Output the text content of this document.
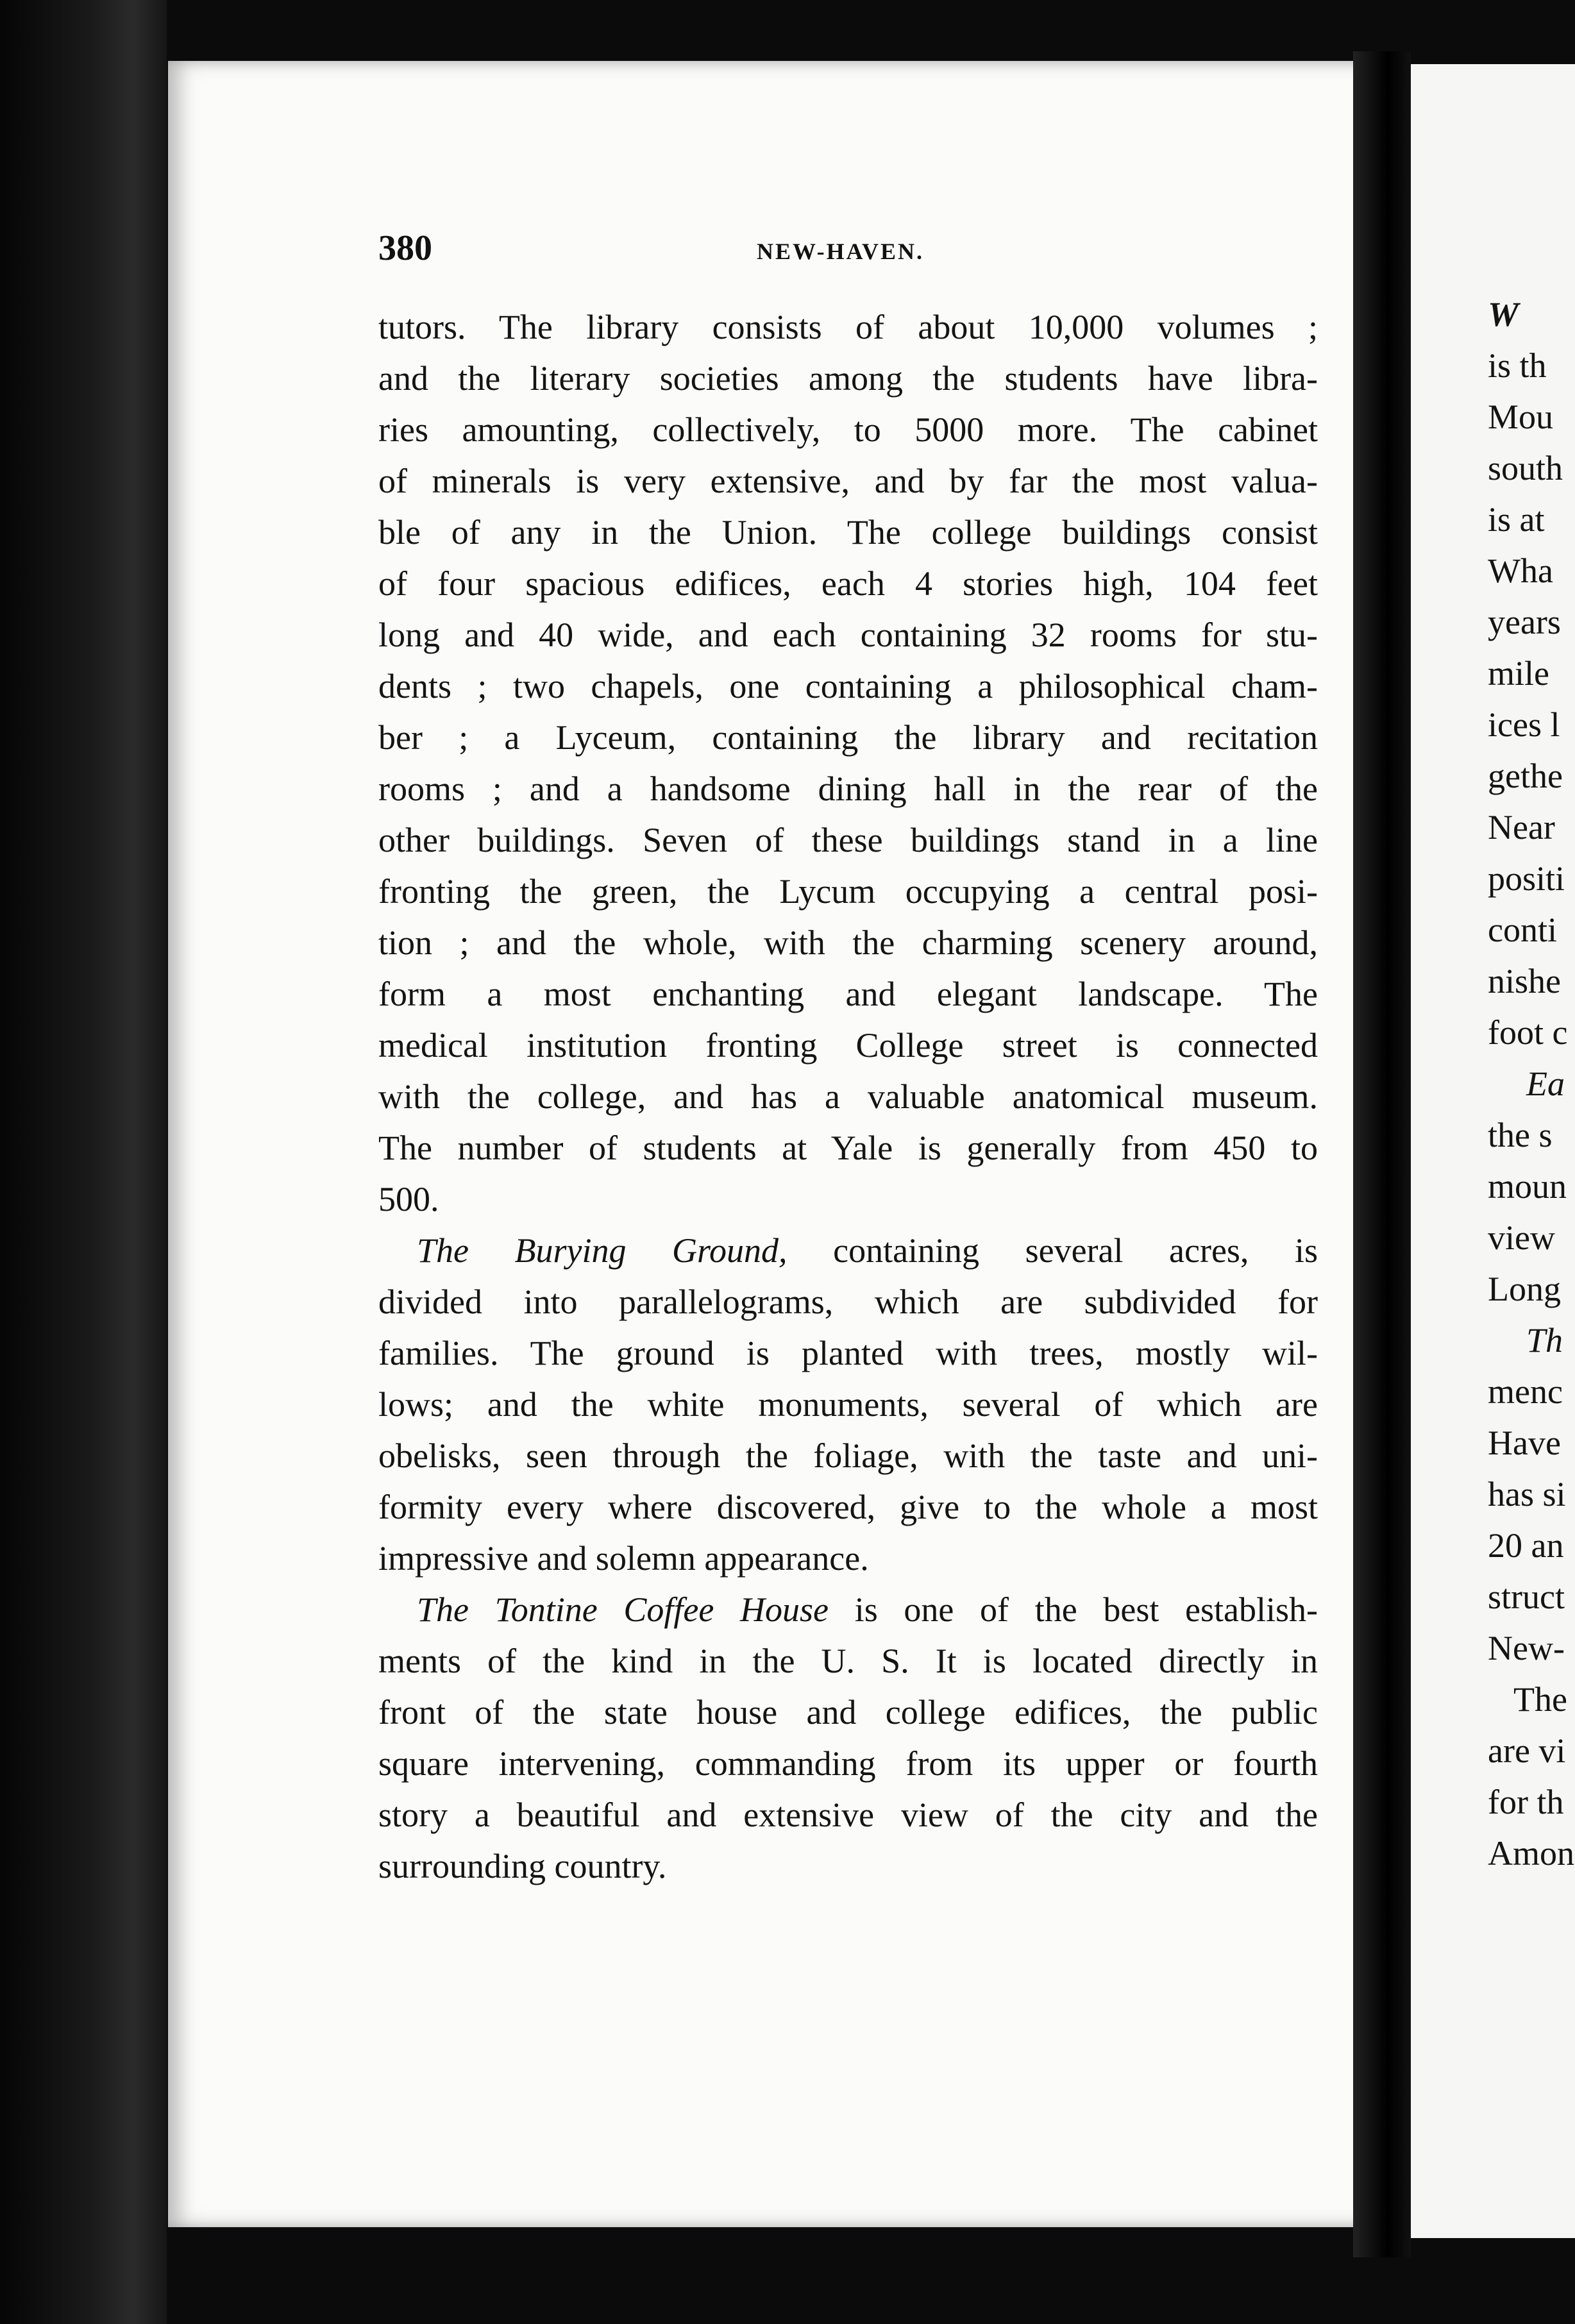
380	NEW-HAVEN.
tutors. The library consists of about 10,000 volumes ;
and the literary societies among the students have libra-
ries amounting, collectively, to 5000 more. The cabinet
of minerals is very extensive, and by far the most valua-
ble of any in the Union. The college buildings consist
of four spacious edifices, each 4 stories high, 104 feet
long and 40 wide, and each containing 32 rooms for stu-
dents ; two chapels, one containing a philosophical cham-
ber ; a Lyceum, containing the library and recitation
rooms ; and a handsome dining hall in the rear of the
other buildings. Seven of these buildings stand in a line
fronting the green, the Lycum occupying a central posi-
tion ; and the whole, with the charming scenery around,
form a most enchanting and elegant landscape. The
medical institution fronting College street is connected
with the college, and has a valuable anatomical museum.
The number of students at Yale is generally from 450 to
500.
The Burying Ground, containing several acres, is
divided into parallelograms, which are subdivided for
families. The ground is planted with trees, mostly wil-
lows; and the white monuments, several of which are
obelisks, seen through the foliage, with the taste and uni-
formity every where discovered, give to the whole a most
impressive and solemn appearance.
The Tontine Coffee House is one of the best establish-
ments of the kind in the U. S. It is located directly in
front of the state house and college edifices, the public
square intervening, commanding from its upper or fourth
story a beautiful and extensive view of the city and the
surrounding country.
W
is th
Mou
south
is at
Wha
years
mile
ices l
gethe
Near
positi
conti
nishe
foot c
Ea
the s
moun
view
Long
Th
menc
Have
has si
20 an
struct
New-
The
are vi
for th
Amon
